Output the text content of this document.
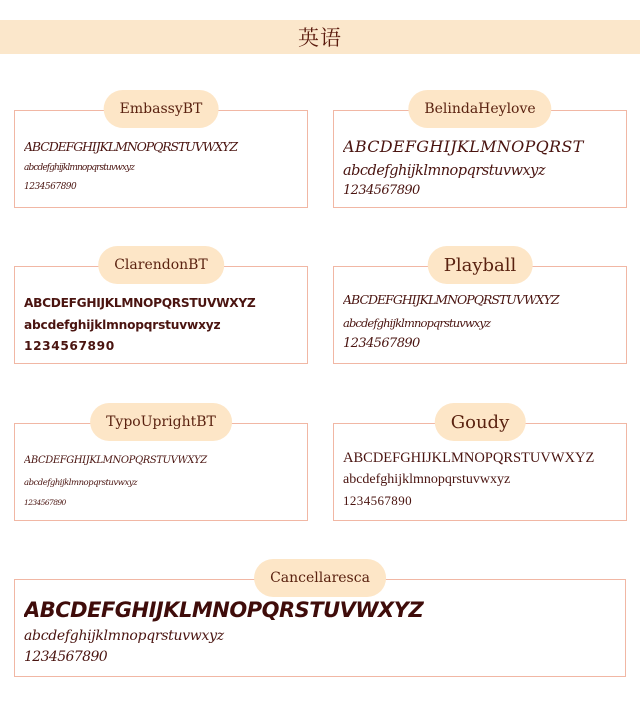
英语
EmbassyBT
ABCDEFGHIJKLMNOPQRSTUVWXYZ
abcdefghijklmnopqrstuvwxyz
1234567890
BelindaHeylove
ABCDEFGHIJKLMNOPQRST
abcdefghijklmnopqrstuvwxyz
1234567890
ClarendonBT
ABCDEFGHIJKLMNOPQRSTUVWXYZ
abcdefghijklmnopqrstuvwxyz
1234567890
Playball
ABCDEFGHIJKLMNOPQRSTUVWXYZ
abcdefghijklmnopqrstuvwxyz
1234567890
TypoUprightBT
ABCDEFGHIJKLMNOPQRSTUVWXYZ
abcdefghijklmnopqrstuvwxyz
1234567890
Goudy
ABCDEFGHIJKLMNOPQRSTUVWXYZ
abcdefghijklmnopqrstuvwxyz
1234567890
Cancellaresca
ABCDEFGHIJKLMNOPQRSTUVWXYZ
abcdefghijklmnopqrstuvwxyz
1234567890
